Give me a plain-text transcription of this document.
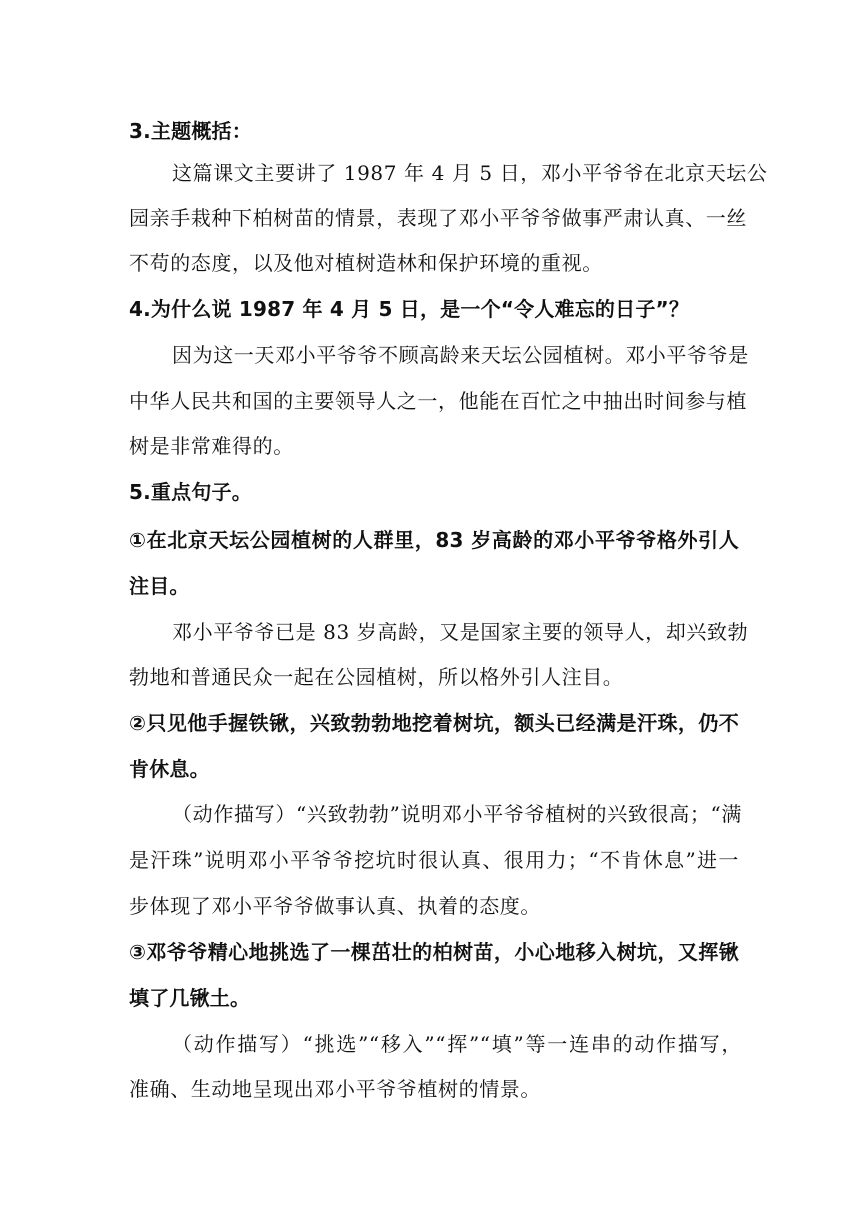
3.主题概括：
这篇课文主要讲了 1987 年 4 月 5 日，邓小平爷爷在北京天坛公
园亲手栽种下柏树苗的情景，表现了邓小平爷爷做事严肃认真、一丝
不苟的态度，以及他对植树造林和保护环境的重视。
4.为什么说 1987 年 4 月 5 日，是一个“令人难忘的日子”？
因为这一天邓小平爷爷不顾高龄来天坛公园植树。邓小平爷爷是
中华人民共和国的主要领导人之一，他能在百忙之中抽出时间参与植
树是非常难得的。
5.重点句子。
①在北京天坛公园植树的人群里，83 岁高龄的邓小平爷爷格外引人
注目。
邓小平爷爷已是 83 岁高龄，又是国家主要的领导人，却兴致勃
勃地和普通民众一起在公园植树，所以格外引人注目。
②只见他手握铁锹，兴致勃勃地挖着树坑，额头已经满是汗珠，仍不
肯休息。
（动作描写）“兴致勃勃”说明邓小平爷爷植树的兴致很高；“满
是汗珠”说明邓小平爷爷挖坑时很认真、很用力；“不肯休息”进一
步体现了邓小平爷爷做事认真、执着的态度。
③邓爷爷精心地挑选了一棵茁壮的柏树苗，小心地移入树坑，又挥锹
填了几锹土。
（动作描写）“挑选”“移入”“挥”“填”等一连串的动作描写，
准确、生动地呈现出邓小平爷爷植树的情景。
